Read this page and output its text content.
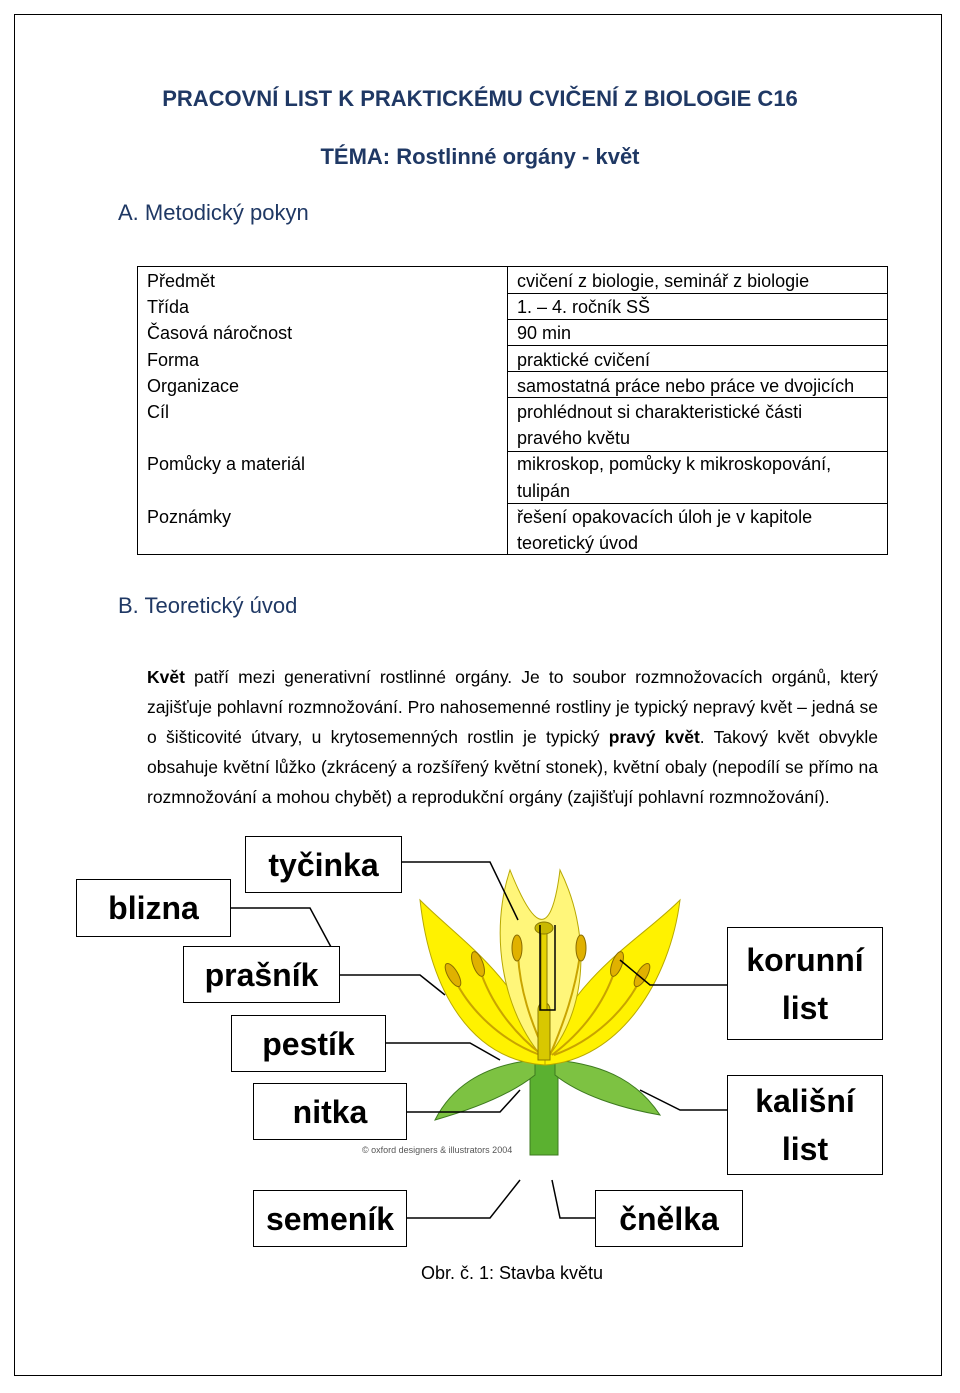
PRACOVNÍ LIST K PRAKTICKÉMU CVIČENÍ Z BIOLOGIE C16
TÉMA: Rostlinné orgány - květ
A. Metodický pokyn
Předmět
Třída
Časová náročnost
Forma
Organizace
Cíl

Pomůcky a materiál

Poznámky
cvičení z biologie, seminář z biologie
1. – 4. ročník SŠ
90 min
praktické cvičení
samostatná práce nebo práce ve dvojicích
prohlédnout si charakteristické části
pravého květu
mikroskop, pomůcky k mikroskopování,
tulipán
řešení opakovacích úloh je v kapitole
teoretický úvod
B. Teoretický úvod

Květ patří mezi generativní rostlinné orgány. Je to soubor rozmnožovacích orgánů, který zajišťuje pohlavní rozmnožování. Pro nahosemenné rostliny je typický nepravý květ – jedná se o šišticovité útvary, u krytosemenných rostlin je typický pravý květ. Takový květ obvykle obsahuje květní lůžko (zkrácený a rozšířený květní stonek), květní obaly (nepodílí se přímo na rozmnožování a mohou chybět) a reprodukční orgány (zajišťují pohlavní rozmnožování).

© oxford designers & illustrators 2004
tyčinka
blizna
prašník
pestík
nitka
semeník	čnělka
korunní
list
kališní
list
Obr. č. 1: Stavba květu
